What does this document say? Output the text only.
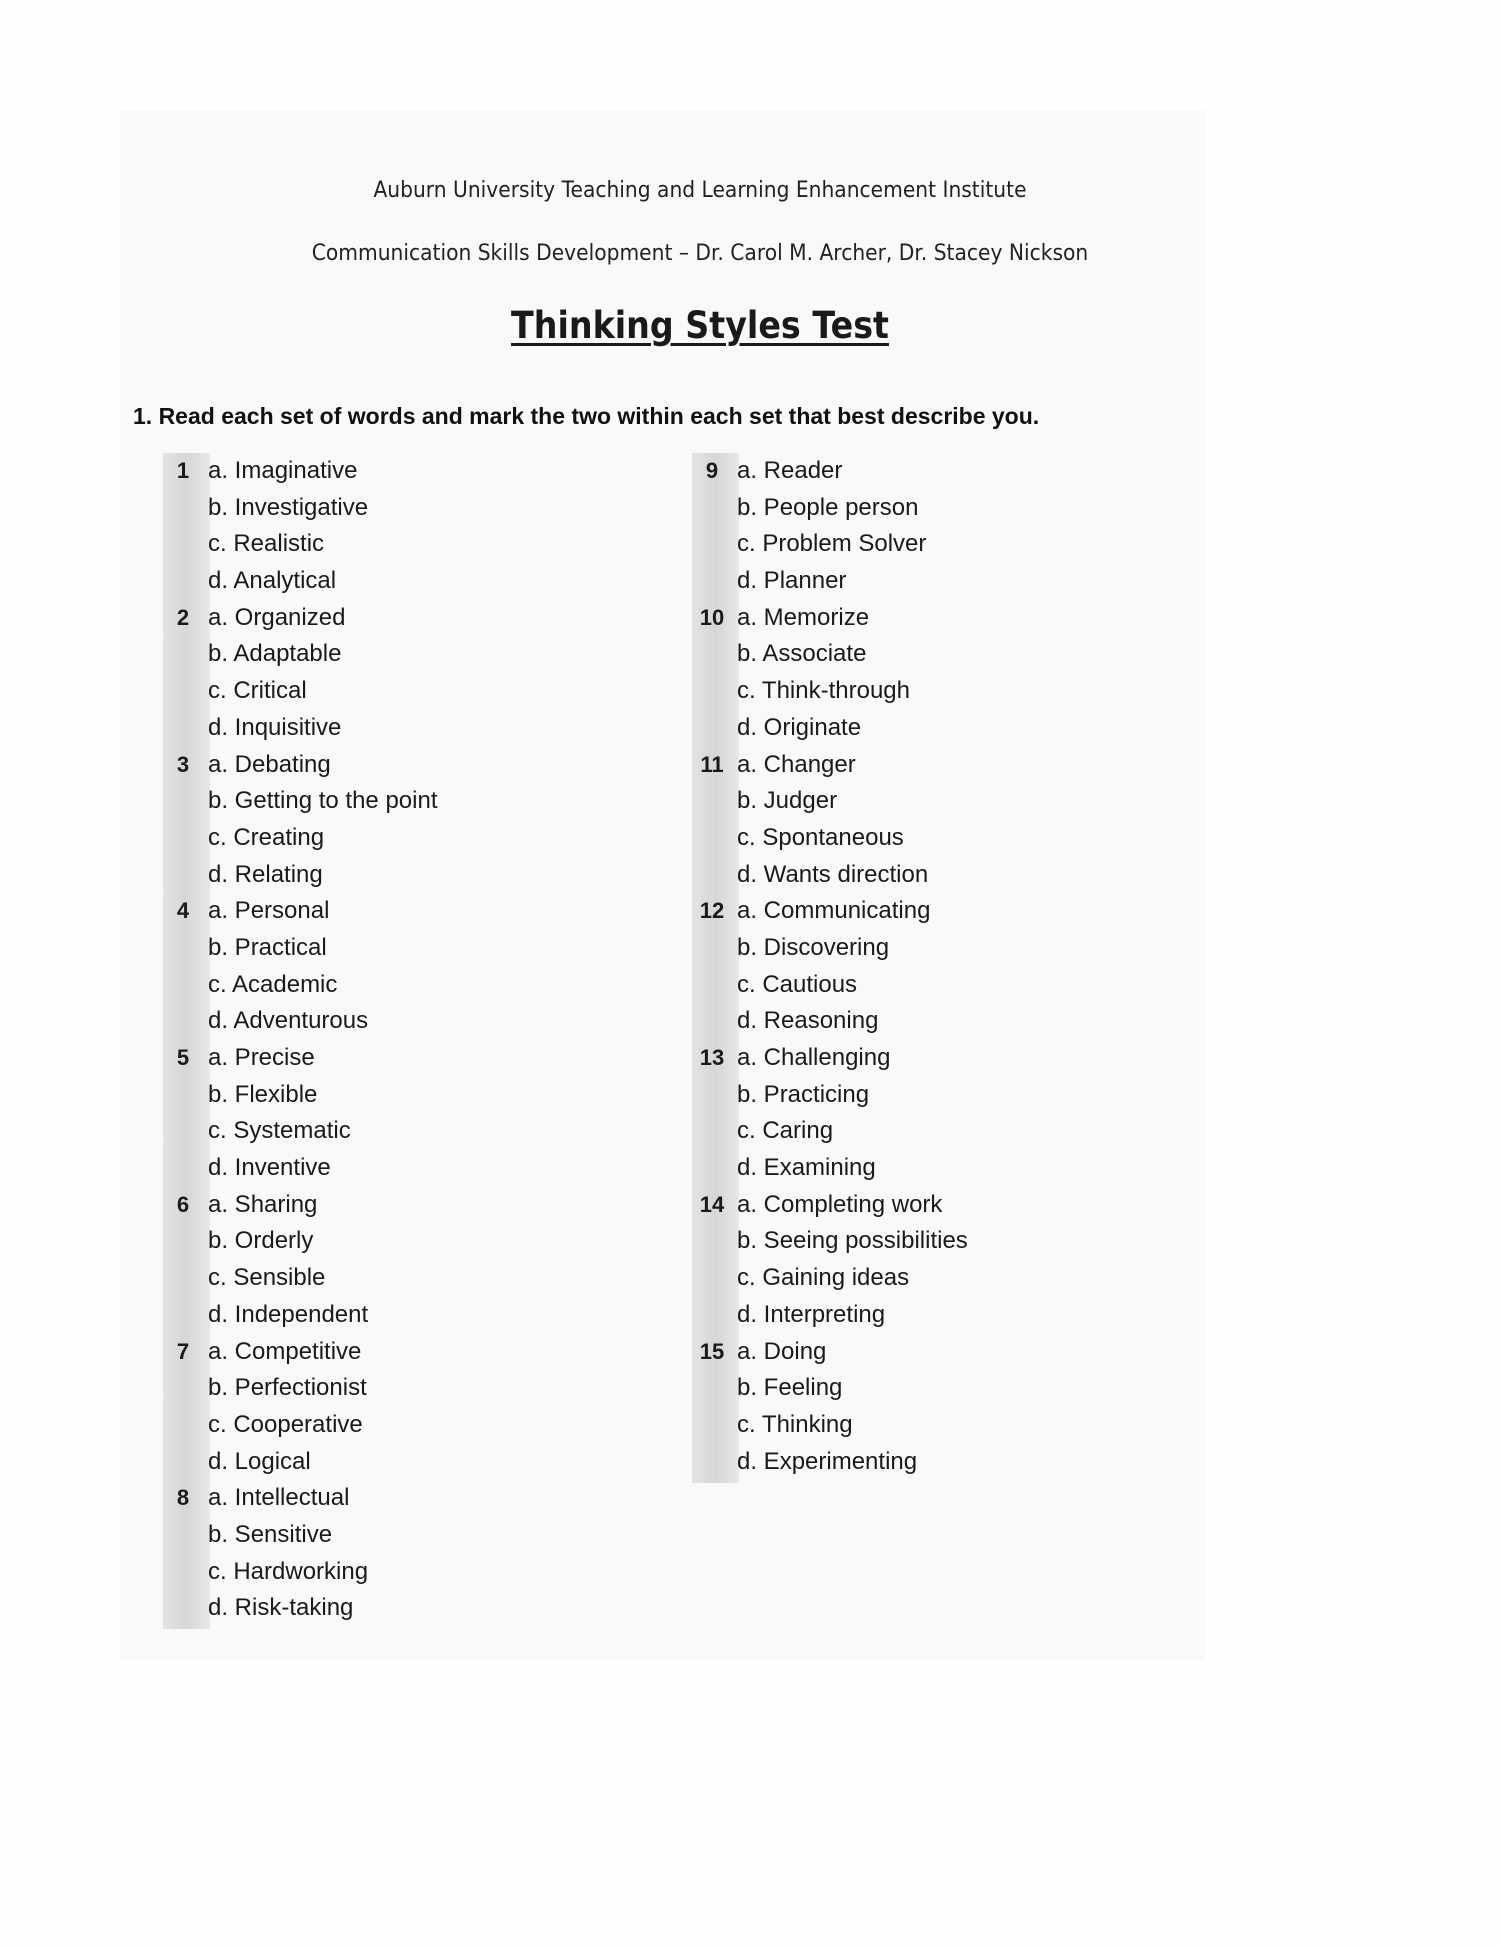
Auburn University Teaching and Learning Enhancement Institute
Communication Skills Development – Dr. Carol M. Archer, Dr. Stacey Nickson
Thinking Styles Test
1. Read each set of words and mark the two within each set that best describe you.
1 a. Imaginative
b. Investigative
c. Realistic
d. Analytical
2 a. Organized
b. Adaptable
c. Critical
d. Inquisitive
3 a. Debating
b. Getting to the point
c. Creating
d. Relating
4 a. Personal
b. Practical
c. Academic
d. Adventurous
5 a. Precise
b. Flexible
c. Systematic
d. Inventive
6 a. Sharing
b. Orderly
c. Sensible
d. Independent
7 a. Competitive
b. Perfectionist
c. Cooperative
d. Logical
8 a. Intellectual
b. Sensitive
c. Hardworking
d. Risk-taking
9 a. Reader
b. People person
c. Problem Solver
d. Planner
10 a. Memorize
b. Associate
c. Think-through
d. Originate
11 a. Changer
b. Judger
c. Spontaneous
d. Wants direction
12 a. Communicating
b. Discovering
c. Cautious
d. Reasoning
13 a. Challenging
b. Practicing
c. Caring
d. Examining
14 a. Completing work
b. Seeing possibilities
c. Gaining ideas
d. Interpreting
15 a. Doing
b. Feeling
c. Thinking
d. Experimenting
